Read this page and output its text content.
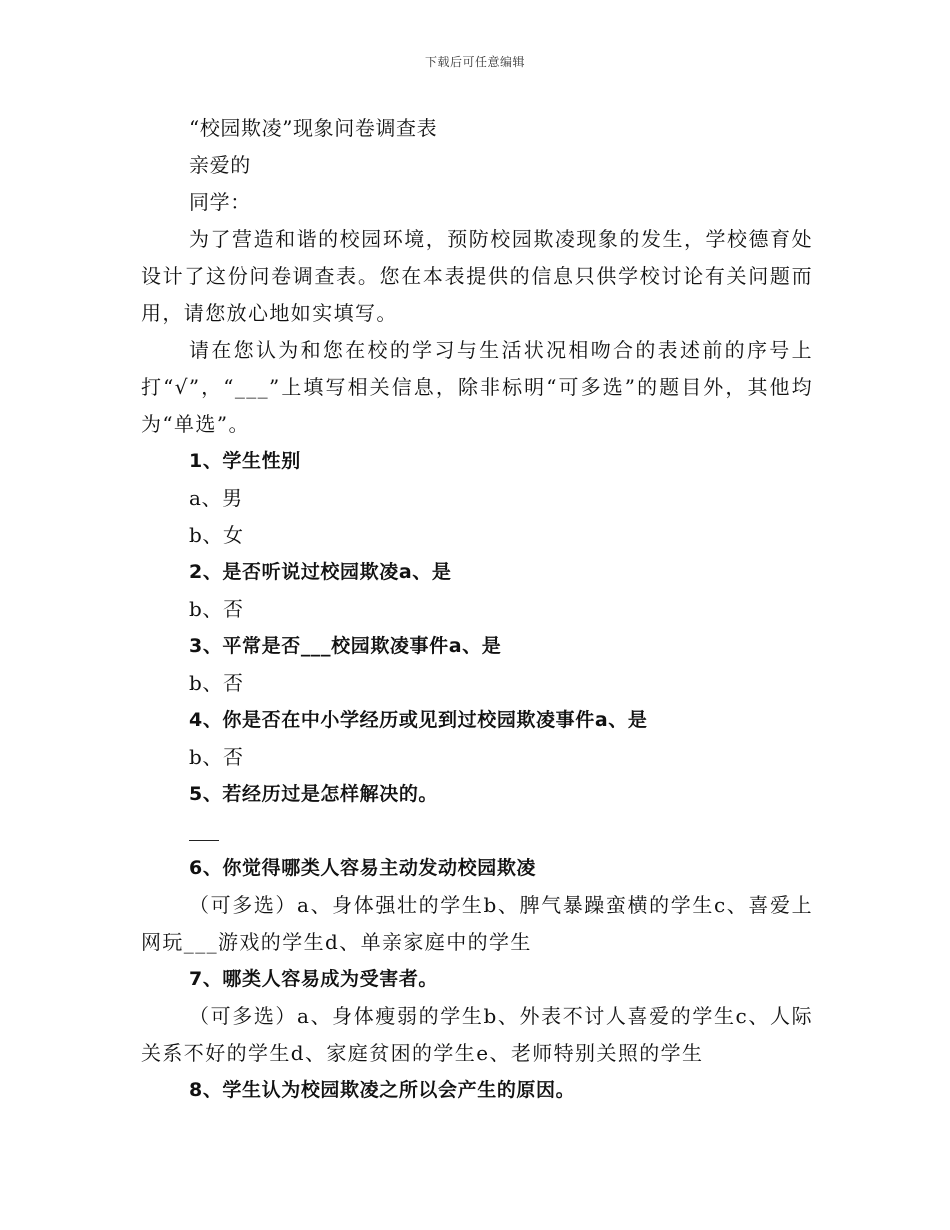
下载后可任意编辑

“校园欺凌”现象问卷调查表

亲爱的

同学：

为了营造和谐的校园环境，预防校园欺凌现象的发生，学校德育处设计了这份问卷调查表。您在本表提供的信息只供学校讨论有关问题而用，请您放心地如实填写。

请在您认为和您在校的学习与生活状况相吻合的表述前的序号上打“√”，“___”上填写相关信息，除非标明“可多选”的题目外，其他均为“单选”。

1、学生性别

a、男

b、女

2、是否听说过校园欺凌a、是

b、否

3、平常是否___校园欺凌事件a、是

b、否

4、你是否在中小学经历或见到过校园欺凌事件a、是

b、否

5、若经历过是怎样解决的。

6、你觉得哪类人容易主动发动校园欺凌

（可多选）a、身体强壮的学生b、脾气暴躁蛮横的学生c、喜爱上网玩___游戏的学生d、单亲家庭中的学生

7、哪类人容易成为受害者。

（可多选）a、身体瘦弱的学生b、外表不讨人喜爱的学生c、人际关系不好的学生d、家庭贫困的学生e、老师特别关照的学生

8、学生认为校园欺凌之所以会产生的原因。
